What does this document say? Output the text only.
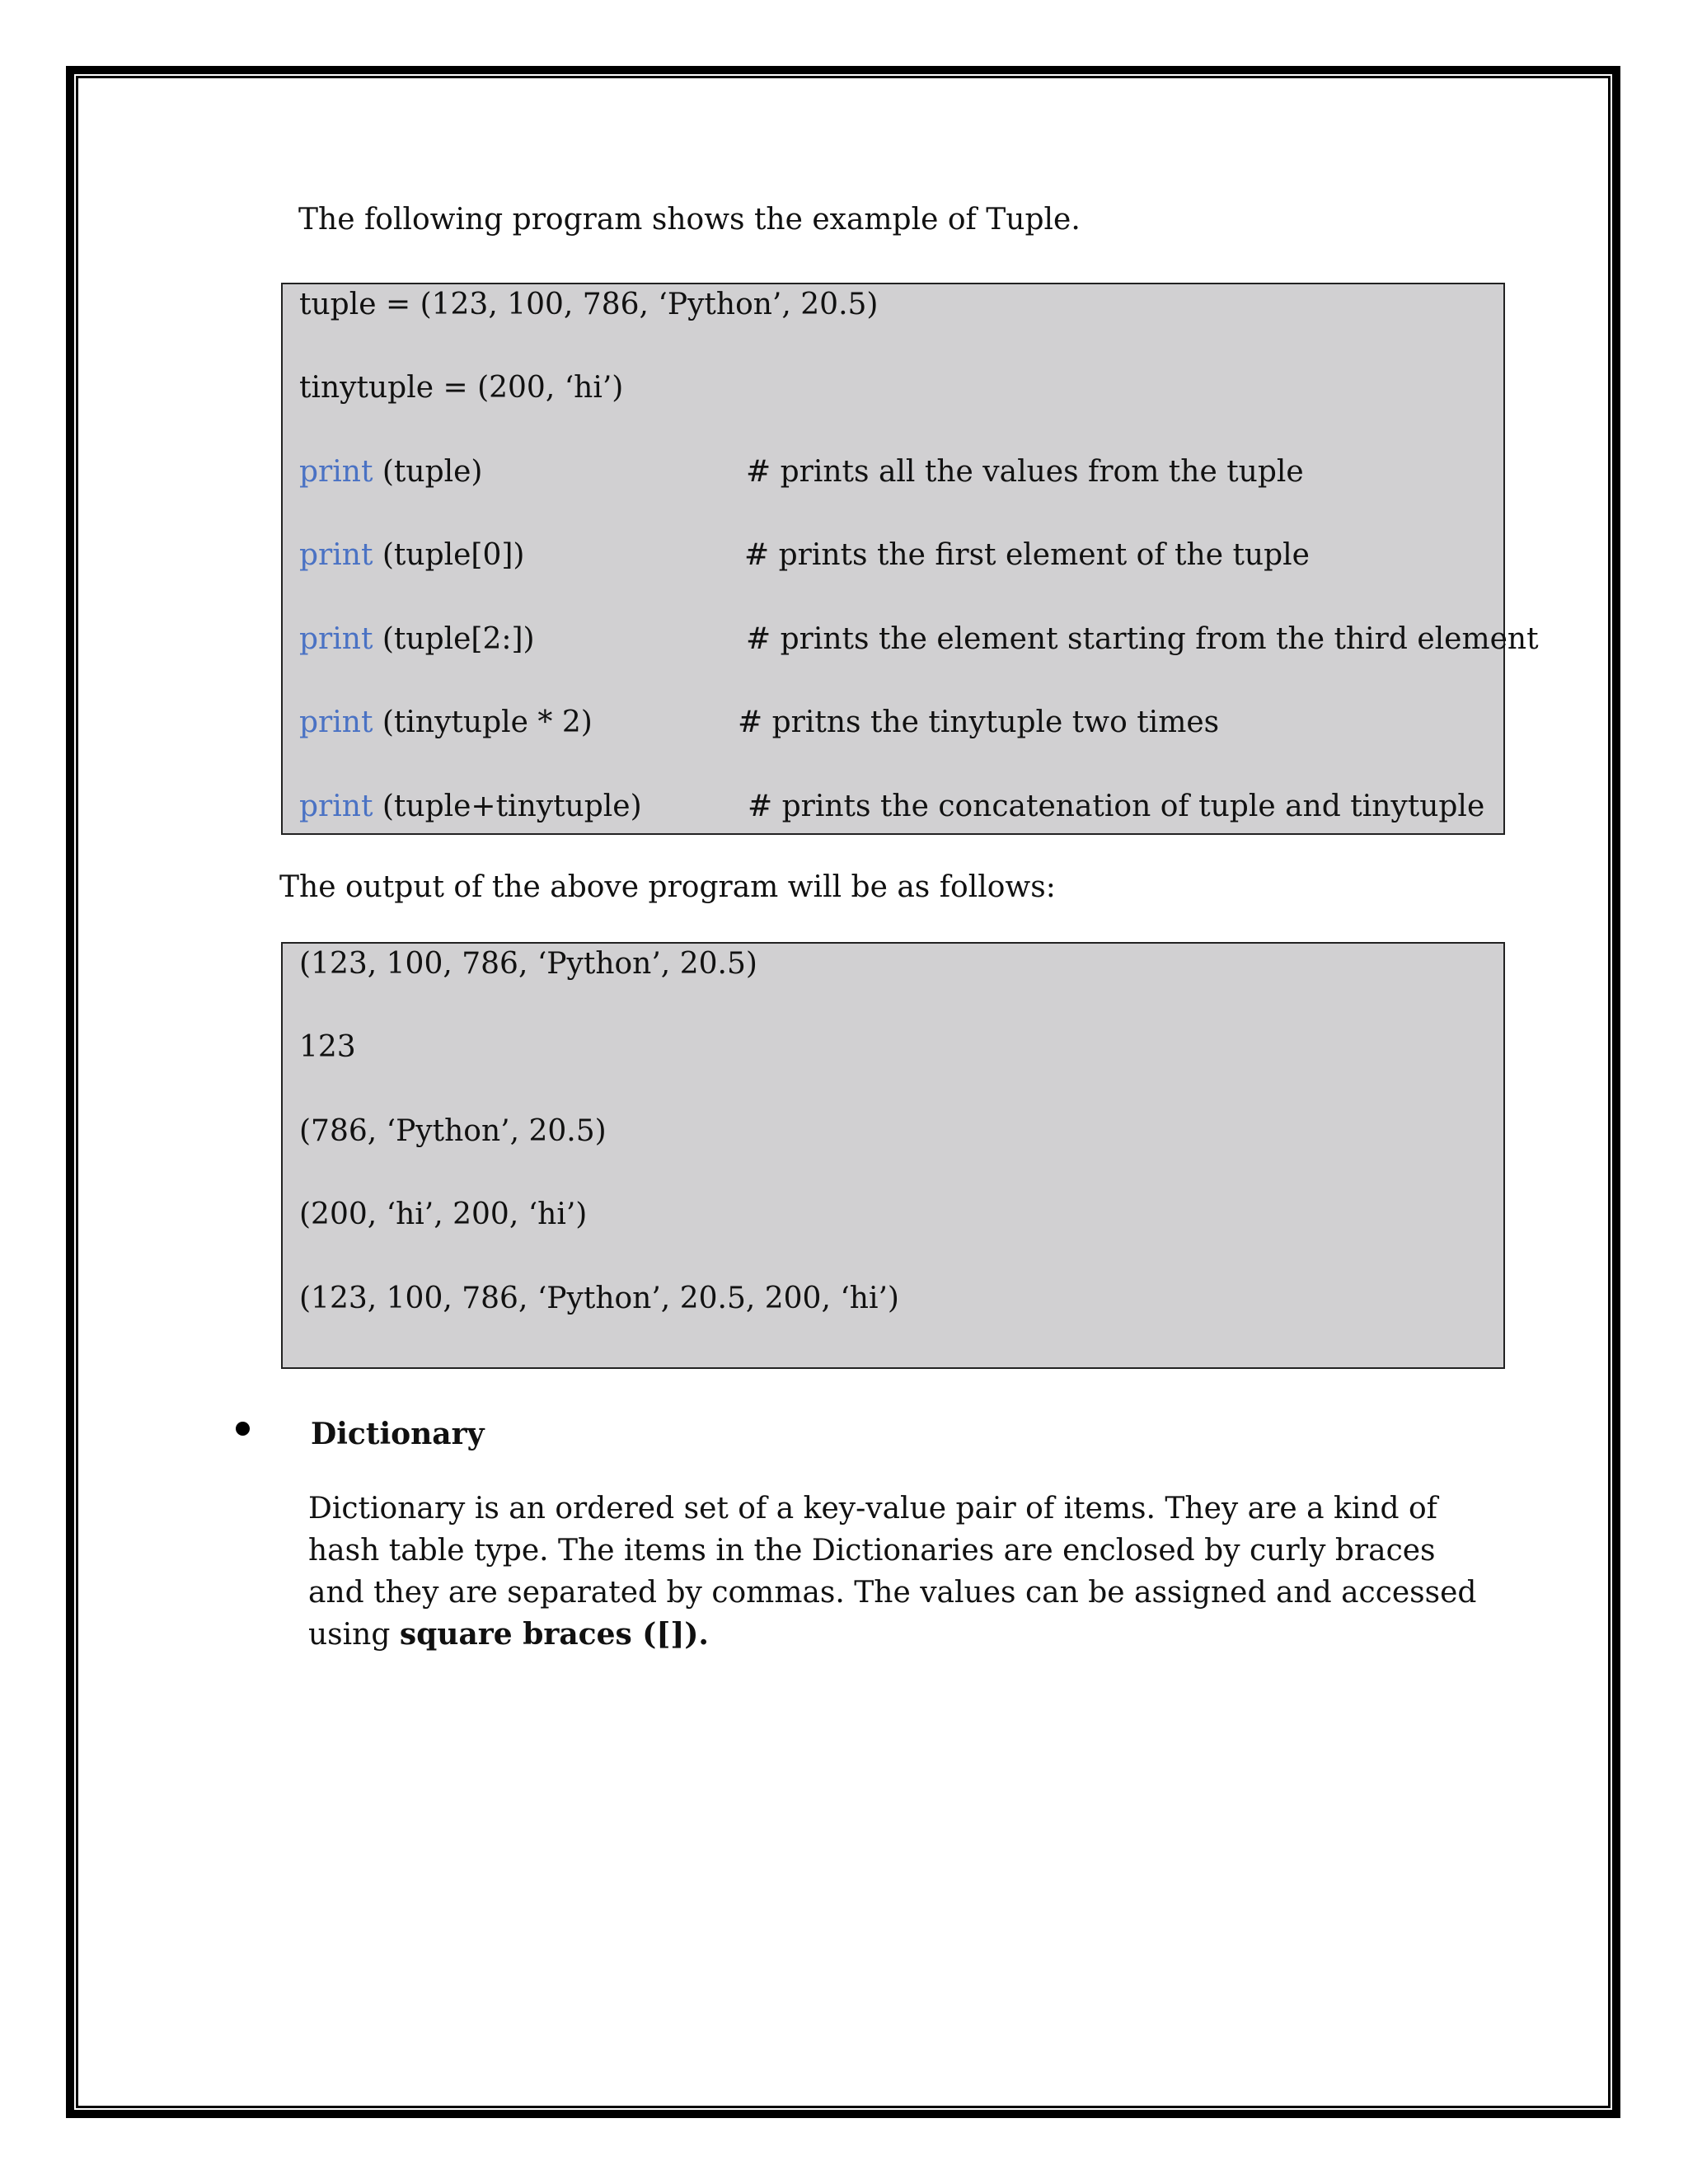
The following program shows the example of Tuple.
tuple = (123, 100, 786, ‘Python’, 20.5)
tinytuple = (200, ‘hi’)
print (tuple)	# prints all the values from the tuple
print (tuple[0])	# prints the first element of the tuple
print (tuple[2:])	# prints the element starting from the third element
print (tinytuple * 2)	# pritns the tinytuple two times
print (tuple+tinytuple)	# prints the concatenation of tuple and tinytuple
The output of the above program will be as follows:
(123, 100, 786, ‘Python’, 20.5)
123
(786, ‘Python’, 20.5)
(200, ‘hi’, 200, ‘hi’)
(123, 100, 786, ‘Python’, 20.5, 200, ‘hi’)
Dictionary
Dictionary is an ordered set of a key-value pair of items. They are a kind of hash table type. The items in the Dictionaries are enclosed by curly braces and they are separated by commas. The values can be assigned and accessed using square braces ([]).
